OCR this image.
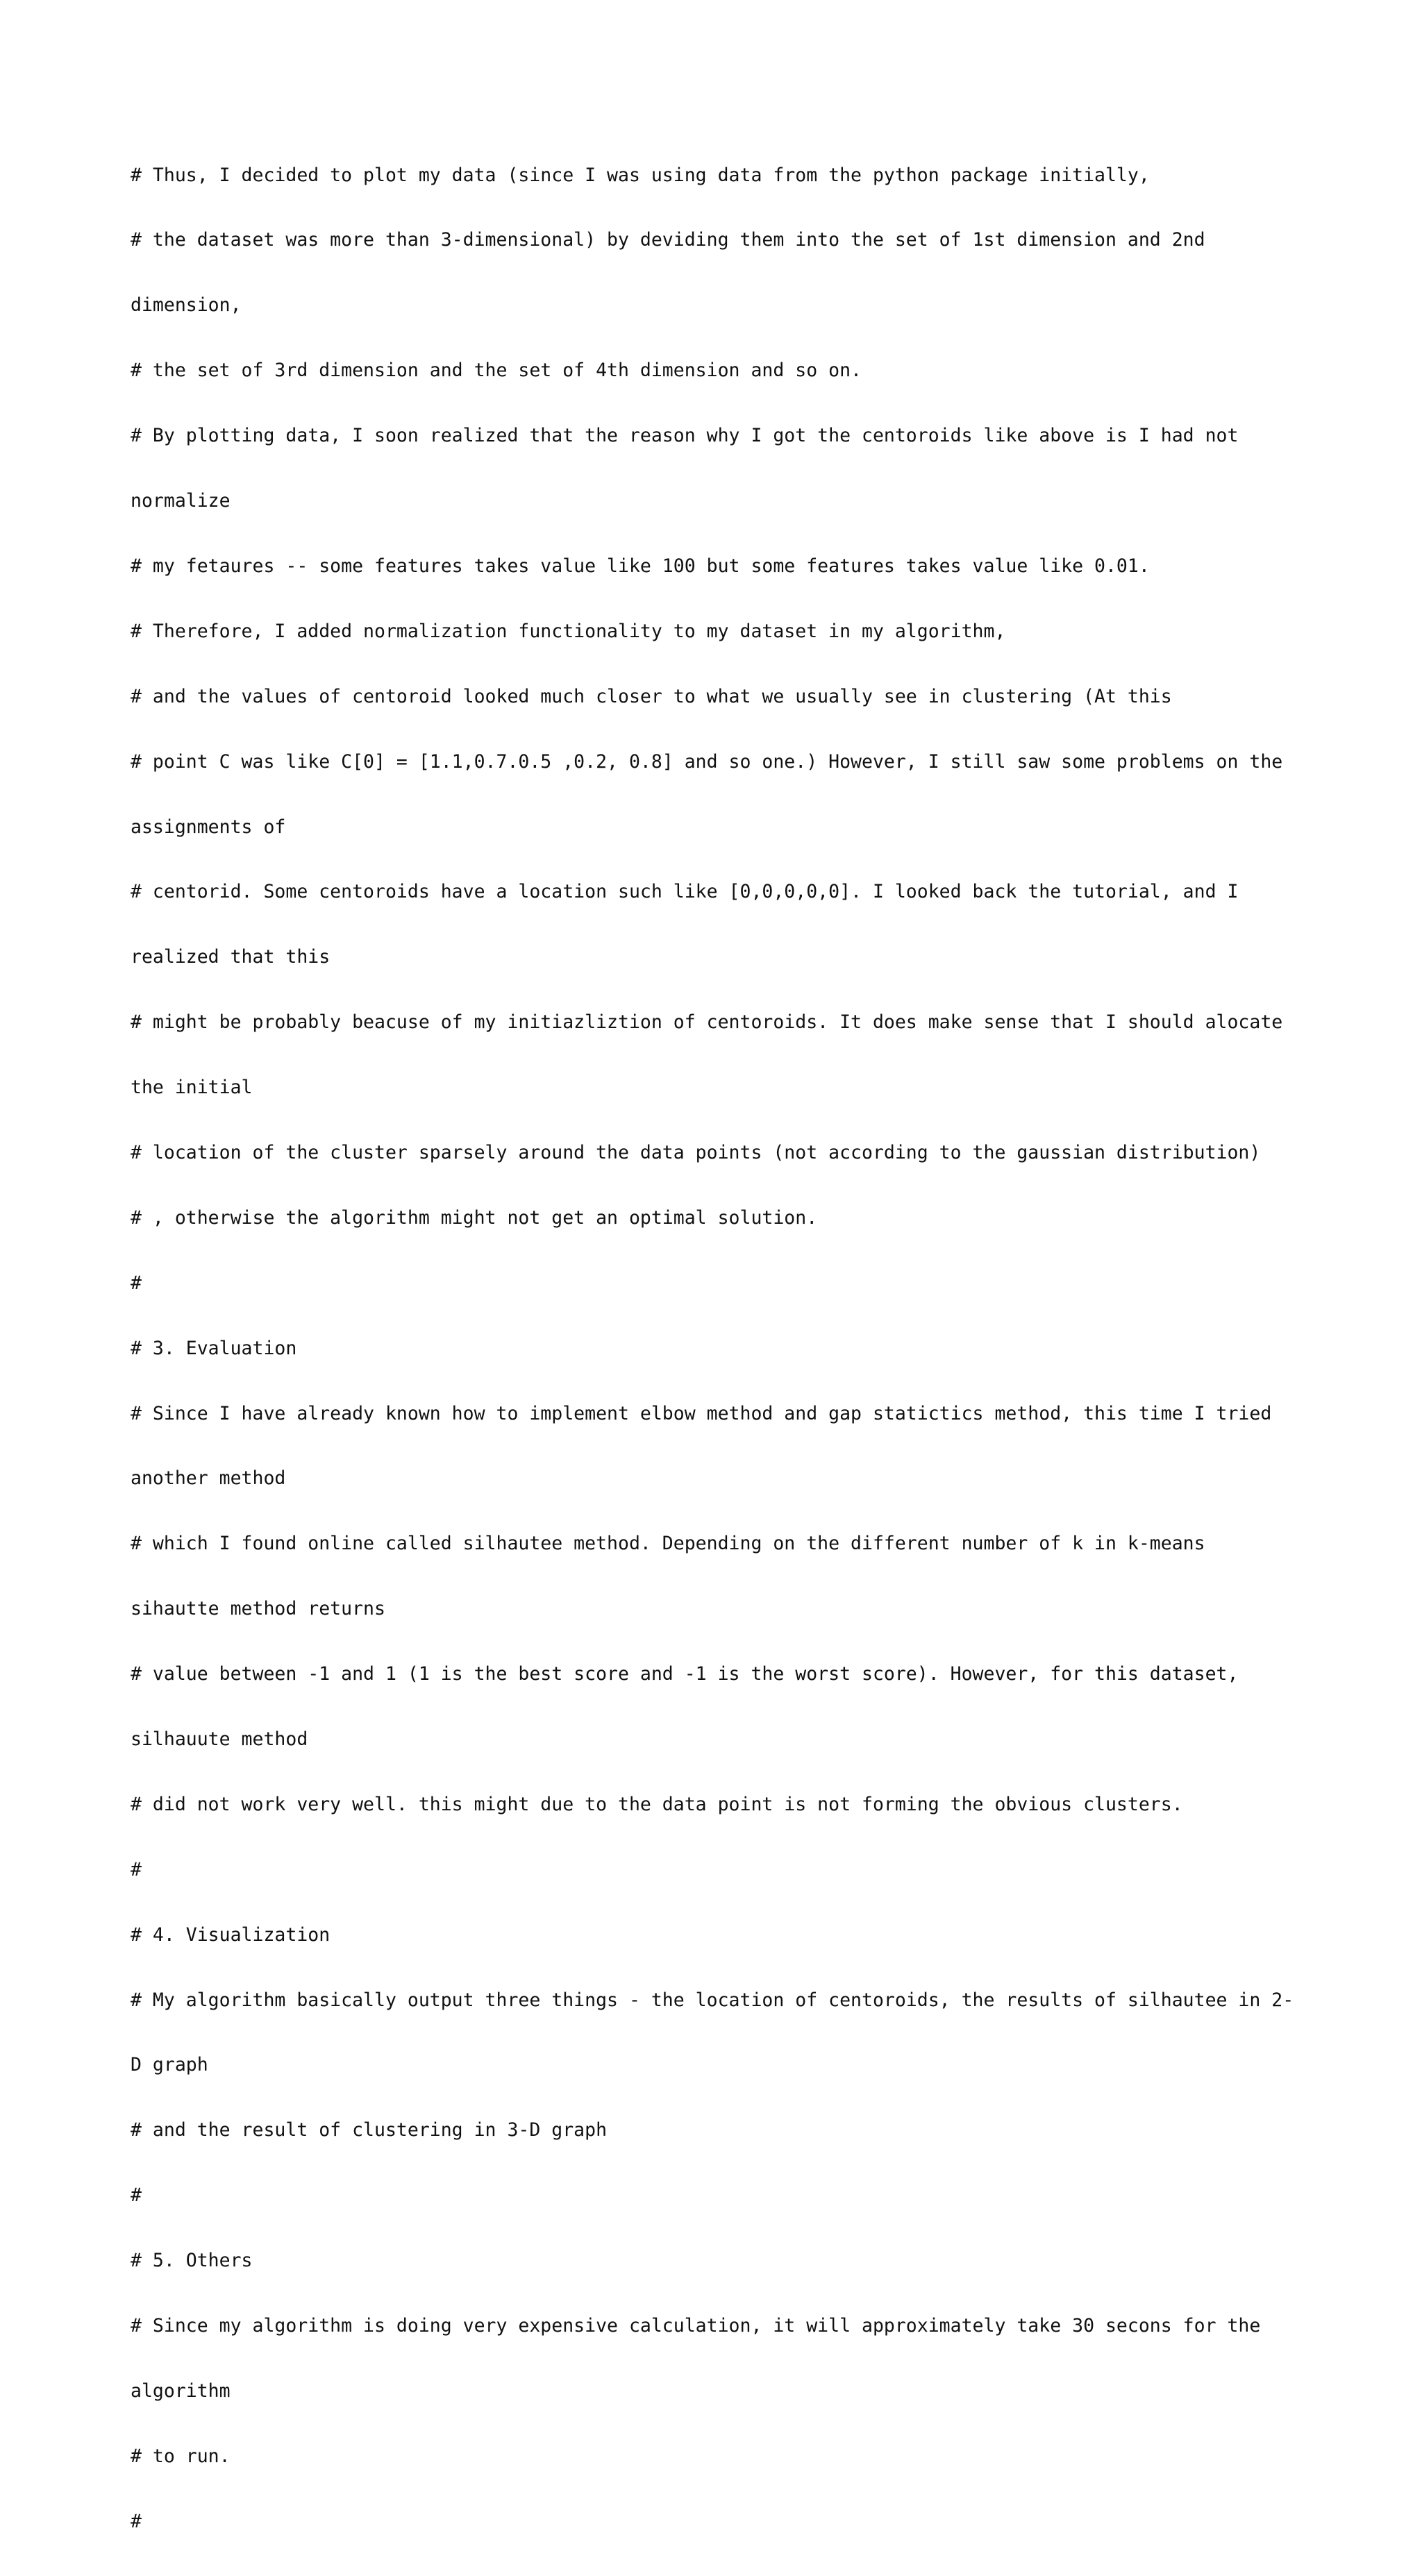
# Thus, I decided to plot my data (since I was using data from the python package initially,

# the dataset was more than 3-dimensional) by deviding them into the set of 1st dimension and 2nd

dimension,

# the set of 3rd dimension and the set of 4th dimension and so on.

# By plotting data, I soon realized that the reason why I got the centoroids like above is I had not

normalize

# my fetaures -- some features takes value like 100 but some features takes value like 0.01.

# Therefore, I added normalization functionality to my dataset in my algorithm,

# and the values of centoroid looked much closer to what we usually see in clustering (At this

# point C was like C[0] = [1.1,0.7.0.5 ,0.2, 0.8] and so one.) However, I still saw some problems on the

assignments of

# centorid. Some centoroids have a location such like [0,0,0,0,0]. I looked back the tutorial, and I

realized that this

# might be probably beacuse of my initiazliztion of centoroids. It does make sense that I should alocate

the initial

# location of the cluster sparsely around the data points (not according to the gaussian distribution)

# , otherwise the algorithm might not get an optimal solution.

#

# 3. Evaluation

# Since I have already known how to implement elbow method and gap statictics method, this time I tried

another method

# which I found online called silhautee method. Depending on the different number of k in k-means

sihautte method returns

# value between -1 and 1 (1 is the best score and -1 is the worst score). However, for this dataset,

silhauute method

# did not work very well. this might due to the data point is not forming the obvious clusters.

#

# 4. Visualization

# My algorithm basically output three things - the location of centoroids, the results of silhautee in 2-

D graph

# and the result of clustering in 3-D graph

#

# 5. Others

# Since my algorithm is doing very expensive calculation, it will approximately take 30 secons for the

algorithm

# to run.

#
